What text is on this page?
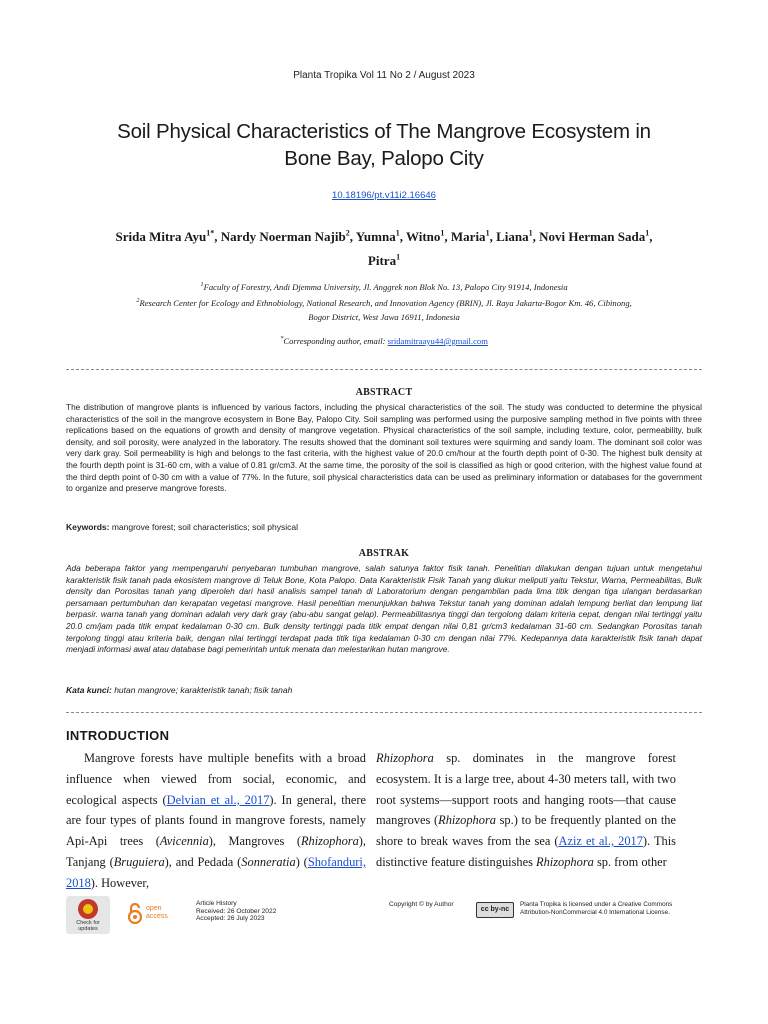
Planta Tropika Vol 11 No 2 / August 2023
Soil Physical Characteristics of The Mangrove Ecosystem in
Bone Bay, Palopo City
10.18196/pt.v11i2.16646
Srida Mitra Ayu$^{1*}$, Nardy Noerman Najib$^2$, Yumna$^1$, Witno$^1$, Maria$^1$, Liana$^1$, Novi Herman Sada$^1$,
Pitra$^1$
$^1$Faculty of Forestry, Andi Djemma University, Jl. Anggrek non Blok No. 13, Palopo City 91914, Indonesia
$^2$Research Center for Ecology and Ethnobiology, National Research, and Innovation Agency (BRIN), Jl. Raya Jakarta-Bogor Km. 46, Cibinong,
Bogor District, West Jawa 16911, Indonesia
*Corresponding author, email: sridamitraayu44@gmail.com
ABSTRACT
The distribution of mangrove plants is influenced by various factors, including the physical characteristics of the soil. The study was conducted to determine the physical characteristics of the soil in the mangrove ecosystem in Bone Bay, Palopo City. Soil sampling was performed using the purposive sampling method in five points with three replications based on the equations of growth and density of mangrove vegetation. Physical characteristics of the soil sample, including texture, color, permeability, bulk density, and soil porosity, were analyzed in the laboratory. The results showed that the dominant soil textures were squirming and sandy loam. The dominant soil color was very dark gray. Soil permeability is high and belongs to the fast criteria, with the highest value of 20.0 cm/hour at the fourth depth point of 0-30. The highest bulk density at the fourth depth point is 31-60 cm, with a value of 0.81 gr/cm3. At the same time, the porosity of the soil is classified as high or good criterion, with the highest value found at the third depth point of 0-30 cm with a value of 77%. In the future, soil physical characteristics data can be used as preliminary information or databases for the government to organize and preserve mangrove forests.
Keywords: mangrove forest; soil characteristics; soil physical
ABSTRAK
Ada beberapa faktor yang mempengaruhi penyebaran tumbuhan mangrove, salah satunya faktor fisik tanah. Penelitian dilakukan dengan tujuan untuk mengetahui karakteristik fisik tanah pada ekosistem mangrove di Teluk Bone, Kota Palopo. Data Karakteristik Fisik Tanah yang diukur meliputi yaitu Tekstur, Warna, Permeabilitas, Bulk density dan Porositas tanah yang diperoleh dari hasil analisis sampel tanah di Laboratorium dengan pengambilan pada lima titik dengan tiga ulangan berdasarkan persamaan pertumbuhan dan kerapatan vegetasi mangrove. Hasil penelitian menunjukkan bahwa Tekstur tanah yang dominan adalah lempung berliat dan lempung liat berpasir. warna tanah yang dominan adalah very dark gray (abu-abu sangat gelap). Permeabilitasnya tinggi dan tergolong dalam kriteria cepat, dengan nilai tertinggi yaitu 20.0 cm/jam pada titik empat kedalaman 0-30 cm. Bulk density tertinggi pada titik empat dengan nilai 0,81 gr/cm3 kedalaman 31-60 cm. Sedangkan Porositas tanah tergolong tinggi atau kriteria baik, dengan nilai tertinggi terdapat pada titik tiga kedalaman 0-30 cm dengan nilai 77%. Kedepannya data karakteristik fisik tanah dapat menjadi informasi awal atau database bagi pemerintah untuk menata dan melestarikan hutan mangrove.
Kata kunci: hutan mangrove; karakteristik tanah; fisik tanah
INTRODUCTION
Mangrove forests have multiple benefits with a broad influence when viewed from social, economic, and ecological aspects (Delvian et al., 2017). In general, there are four types of plants found in mangrove forests, namely Api-Api trees (Avicennia), Mangroves (Rhizophora), Tanjang (Bruguiera), and Pedada (Sonneratia) (Shofanduri, 2018). However,
Rhizophora sp. dominates in the mangrove forest ecosystem. It is a large tree, about 4-30 meters tall, with two root systems—support roots and hanging roots—that cause mangroves (Rhizophora sp.) to be frequently planted on the shore to break waves from the sea (Aziz et al., 2017). This distinctive feature distinguishes Rhizophora sp. from other
Check for
updates
open
access
Article History
Received: 26 October 2022
Accepted: 26 July 2023
Copyright © by Author
cc by-nc
Planta Tropika is licensed under a Creative Commons
Attribution-NonCommercial 4.0 International License.
